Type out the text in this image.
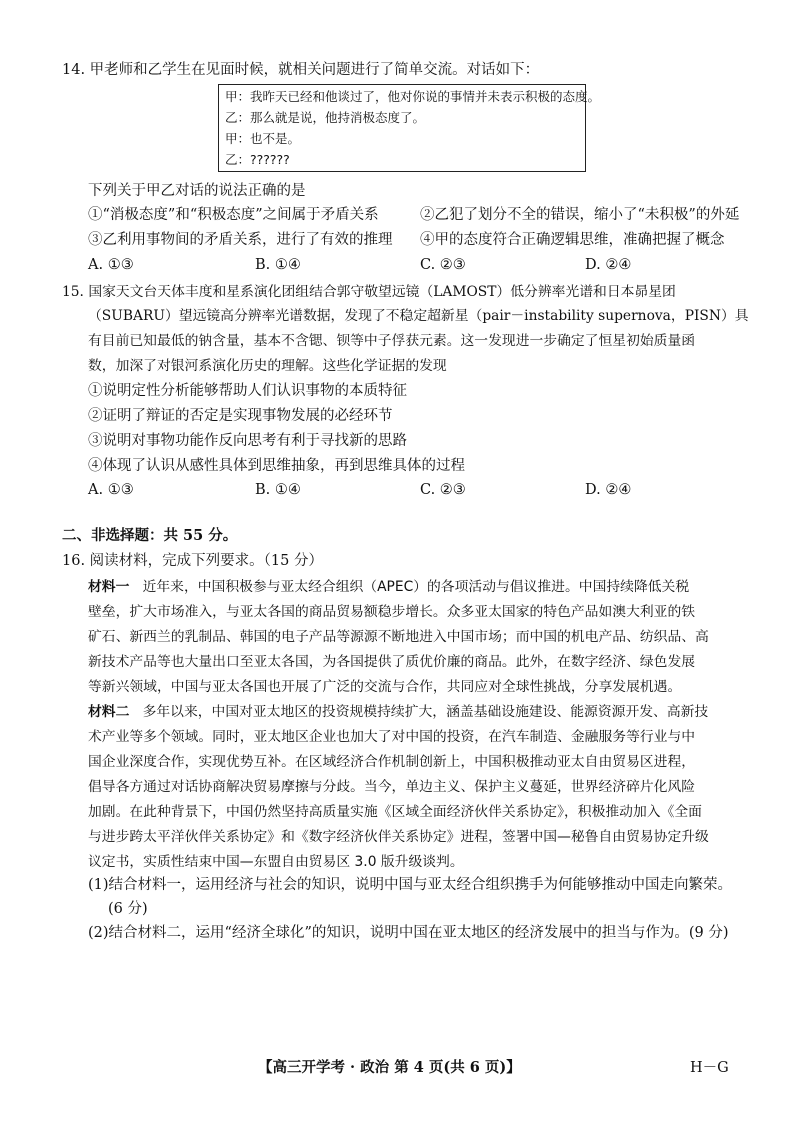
14. 甲老师和乙学生在见面时候，就相关问题进行了简单交流。对话如下：
甲：我昨天已经和他谈过了，他对你说的事情并未表示积极的态度。
乙：那么就是说，他持消极态度了。
甲：也不是。
乙：??????
下列关于甲乙对话的说法正确的是
①“消极态度”和“积极态度”之间属于矛盾关系	②乙犯了划分不全的错误，缩小了“未积极”的外延
③乙利用事物间的矛盾关系，进行了有效的推理 ④甲的态度符合正确逻辑思维，准确把握了概念
A. ①③	B. ①④	C. ②③	D. ②④
15. 国家天文台天体丰度和星系演化团组结合郭守敬望远镜（LAMOST）低分辨率光谱和日本昴星团
（SUBARU）望远镜高分辨率光谱数据，发现了不稳定超新星（pair－instability supernova，PISN）具
有目前已知最低的钠含量，基本不含锶、钡等中子俘获元素。这一发现进一步确定了恒星初始质量函
数，加深了对银河系演化历史的理解。这些化学证据的发现
①说明定性分析能够帮助人们认识事物的本质特征
②证明了辩证的否定是实现事物发展的必经环节
③说明对事物功能作反向思考有利于寻找新的思路
④体现了认识从感性具体到思维抽象，再到思维具体的过程
A. ①③	B. ①④	C. ②③	D. ②④
二、非选择题：共 55 分。
16. 阅读材料，完成下列要求。（15 分）
材料一 近年来，中国积极参与亚太经合组织（APEC）的各项活动与倡议推进。中国持续降低关税
壁垒，扩大市场准入，与亚太各国的商品贸易额稳步增长。众多亚太国家的特色产品如澳大利亚的铁
矿石、新西兰的乳制品、韩国的电子产品等源源不断地进入中国市场；而中国的机电产品、纺织品、高
新技术产品等也大量出口至亚太各国，为各国提供了质优价廉的商品。此外，在数字经济、绿色发展
等新兴领域，中国与亚太各国也开展了广泛的交流与合作，共同应对全球性挑战，分享发展机遇。
材料二 多年以来，中国对亚太地区的投资规模持续扩大，涵盖基础设施建设、能源资源开发、高新技
术产业等多个领域。同时，亚太地区企业也加大了对中国的投资，在汽车制造、金融服务等行业与中
国企业深度合作，实现优势互补。在区域经济合作机制创新上，中国积极推动亚太自由贸易区进程，
倡导各方通过对话协商解决贸易摩擦与分歧。当今，单边主义、保护主义蔓延，世界经济碎片化风险
加剧。在此种背景下，中国仍然坚持高质量实施《区域全面经济伙伴关系协定》，积极推动加入《全面
与进步跨太平洋伙伴关系协定》和《数字经济伙伴关系协定》进程，签署中国—秘鲁自由贸易协定升级
议定书，实质性结束中国—东盟自由贸易区 3.0 版升级谈判。
(1)结合材料一，运用经济与社会的知识，说明中国与亚太经合组织携手为何能够推动中国走向繁荣。
(6 分)
(2)结合材料二，运用“经济全球化”的知识，说明中国在亚太地区的经济发展中的担当与作为。(9 分)
【高三开学考 · 政治 第 4 页(共 6 页)】	H－G
